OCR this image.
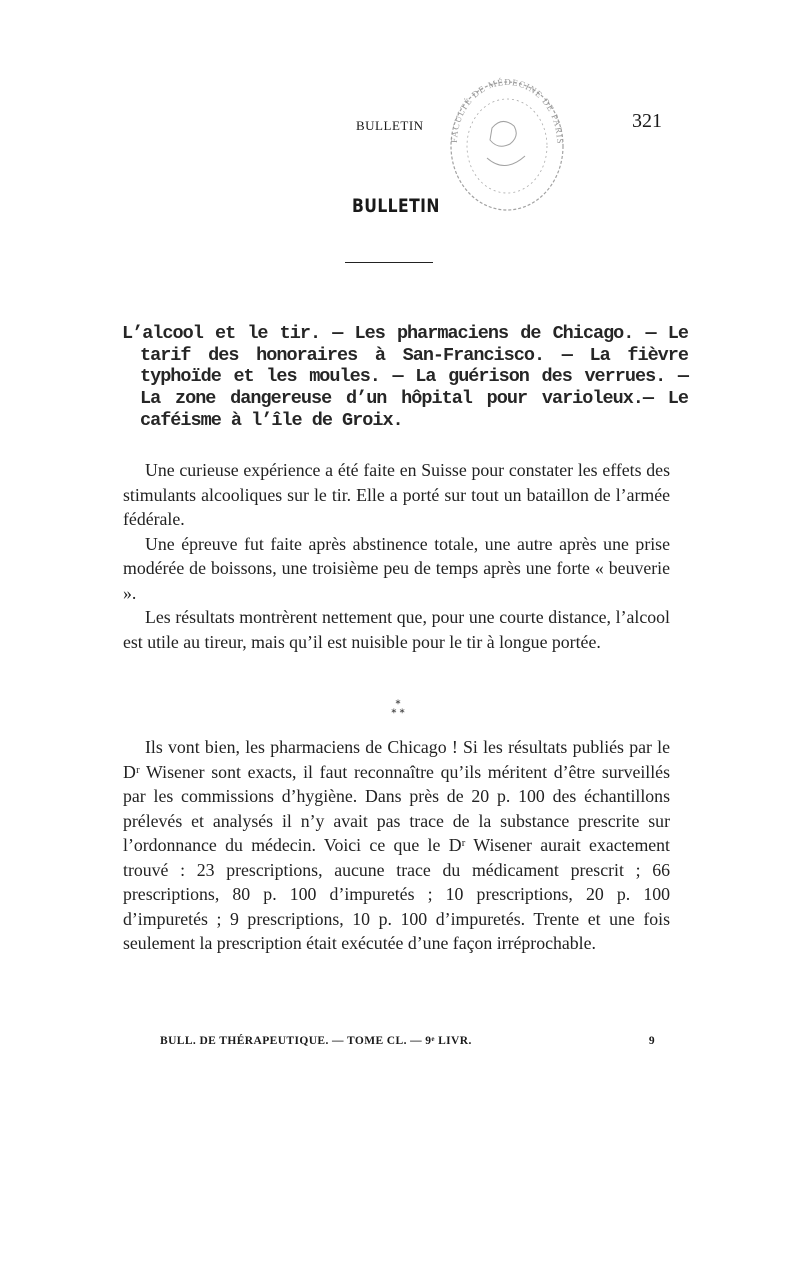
BULLETIN	321
FACULTÉ DE MÉDECINE DE PARIS
BULLETIN
L’alcool et le tir. — Les pharmaciens de Chicago. — Le tarif des honoraires à San-Francisco. — La fièvre typhoïde et les moules. — La guérison des verrues. — La zone dangereuse d’un hôpital pour varioleux.— Le caféisme à l’île de Groix.

Une curieuse expérience a été faite en Suisse pour constater les effets des stimulants alcooliques sur le tir. Elle a porté sur tout un bataillon de l’armée fédérale.

Une épreuve fut faite après abstinence totale, une autre après une prise modérée de boissons, une troisième peu de temps après une forte « beuverie ».

Les résultats montrèrent nettement que, pour une courte distance, l’alcool est utile au tireur, mais qu’il est nuisible pour le tir à longue portée.

*
* *

Ils vont bien, les pharmaciens de Chicago ! Si les résultats publiés par le Dʳ Wisener sont exacts, il faut reconnaître qu’ils méritent d’être surveillés par les commissions d’hygiène. Dans près de 20 p. 100 des échantillons prélevés et analysés il n’y avait pas trace de la substance prescrite sur l’ordonnance du médecin. Voici ce que le Dʳ Wisener aurait exactement trouvé : 23 prescriptions, aucune trace du médicament prescrit ; 66 prescriptions, 80 p. 100 d’impuretés ; 10 prescriptions, 20 p. 100 d’impuretés ; 9 prescriptions, 10 p. 100 d’impuretés. Trente et une fois seulement la prescription était exécutée d’une façon irréprochable.

BULL. DE THÉRAPEUTIQUE. — TOME CL. — 9ᵉ LIVR.	9
